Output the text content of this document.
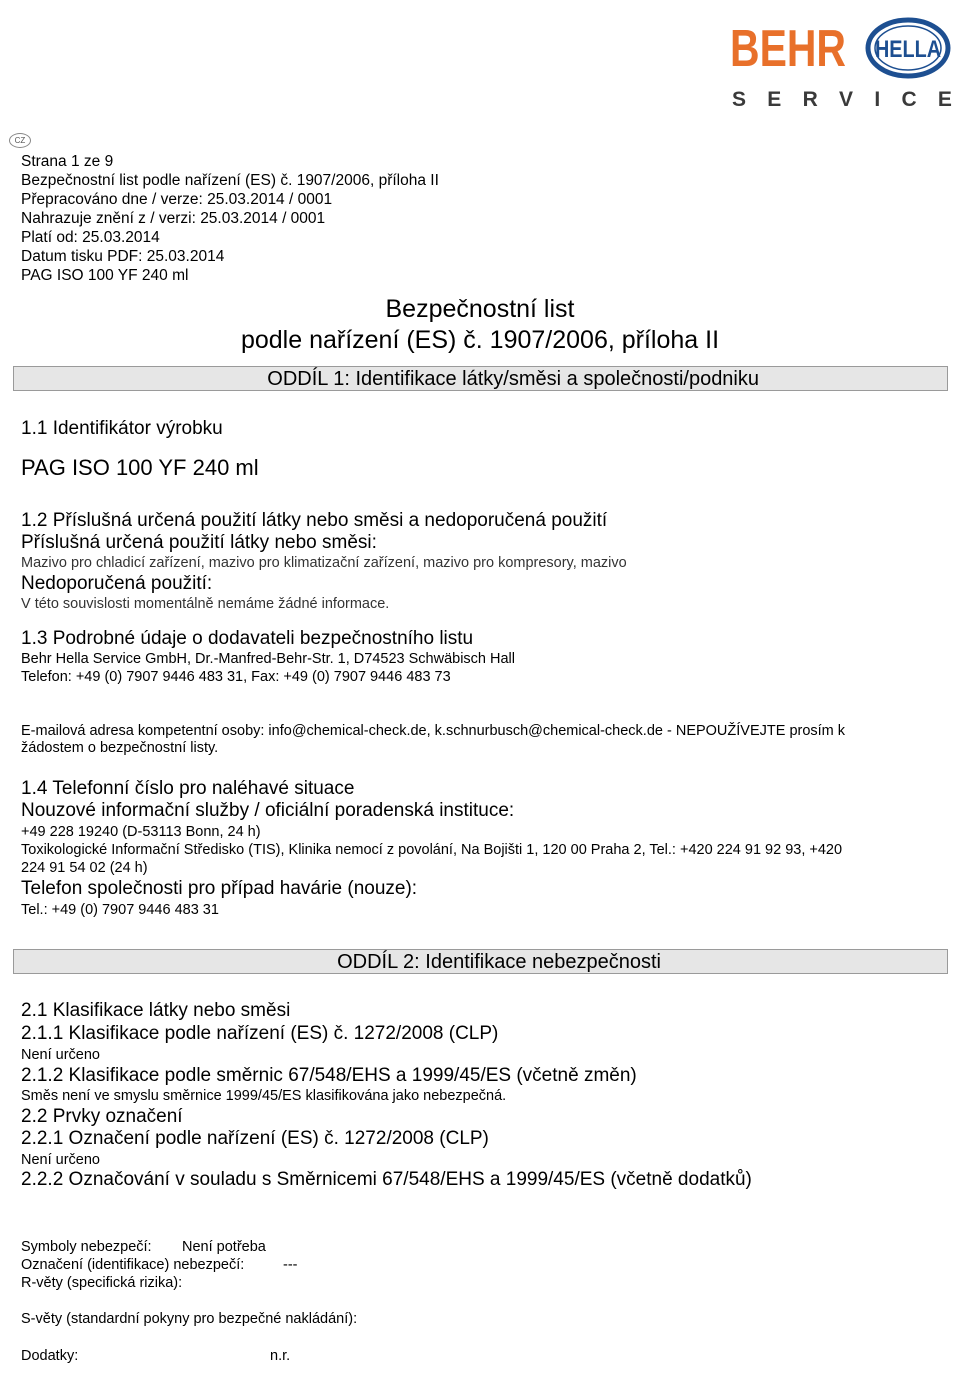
BEHR HELLA
S E R V I C E
CZ
Strana 1 ze 9
Bezpečnostní list podle nařízení (ES) č. 1907/2006, příloha II
Přepracováno dne / verze: 25.03.2014 / 0001
Nahrazuje znění z / verzi: 25.03.2014 / 0001
Platí od: 25.03.2014
Datum tisku PDF: 25.03.2014
PAG ISO 100 YF 240 ml
Bezpečnostní list
podle nařízení (ES) č. 1907/2006, příloha II
ODDÍL 1: Identifikace látky/směsi a společnosti/podniku
1.1 Identifikátor výrobku
PAG ISO 100 YF 240 ml
1.2 Příslušná určená použití látky nebo směsi a nedoporučená použití
Příslušná určená použití látky nebo směsi:
Mazivo pro chladicí zařízení, mazivo pro klimatizační zařízení, mazivo pro kompresory, mazivo
Nedoporučená použití:
V této souvislosti momentálně nemáme žádné informace.
1.3 Podrobné údaje o dodavateli bezpečnostního listu
Behr Hella Service GmbH, Dr.-Manfred-Behr-Str. 1, D74523 Schwäbisch Hall
Telefon: +49 (0) 7907 9446 483 31, Fax: +49 (0) 7907 9446 483 73
E-mailová adresa kompetentní osoby: info@chemical-check.de, k.schnurbusch@chemical-check.de - NEPOUŽÍVEJTE prosím k
žádostem o bezpečnostní listy.
1.4 Telefonní číslo pro naléhavé situace
Nouzové informační služby / oficiální poradenská instituce:
+49 228 19240 (D-53113 Bonn, 24 h)
Toxikologické Informační Středisko (TIS), Klinika nemocí z povolání, Na Bojišti 1, 120 00 Praha 2, Tel.: +420 224 91 92 93, +420
224 91 54 02 (24 h)
Telefon společnosti pro případ havárie (nouze):
Tel.: +49 (0) 7907 9446 483 31
ODDÍL 2: Identifikace nebezpečnosti
2.1 Klasifikace látky nebo směsi
2.1.1 Klasifikace podle nařízení (ES) č. 1272/2008 (CLP)
Není určeno
2.1.2 Klasifikace podle směrnic 67/548/EHS a 1999/45/ES (včetně změn)
Směs není ve smyslu směrnice 1999/45/ES klasifikována jako nebezpečná.
2.2 Prvky označení
2.2.1 Označení podle nařízení (ES) č. 1272/2008 (CLP)
Není určeno
2.2.2 Označování v souladu s Směrnicemi 67/548/EHS a 1999/45/ES (včetně dodatků)
Symboly nebezpečí: Není potřeba
Označení (identifikace) nebezpečí:	---
R-věty (specifická rizika):
S-věty (standardní pokyny pro bezpečné nakládání):
Dodatky:	n.r.
